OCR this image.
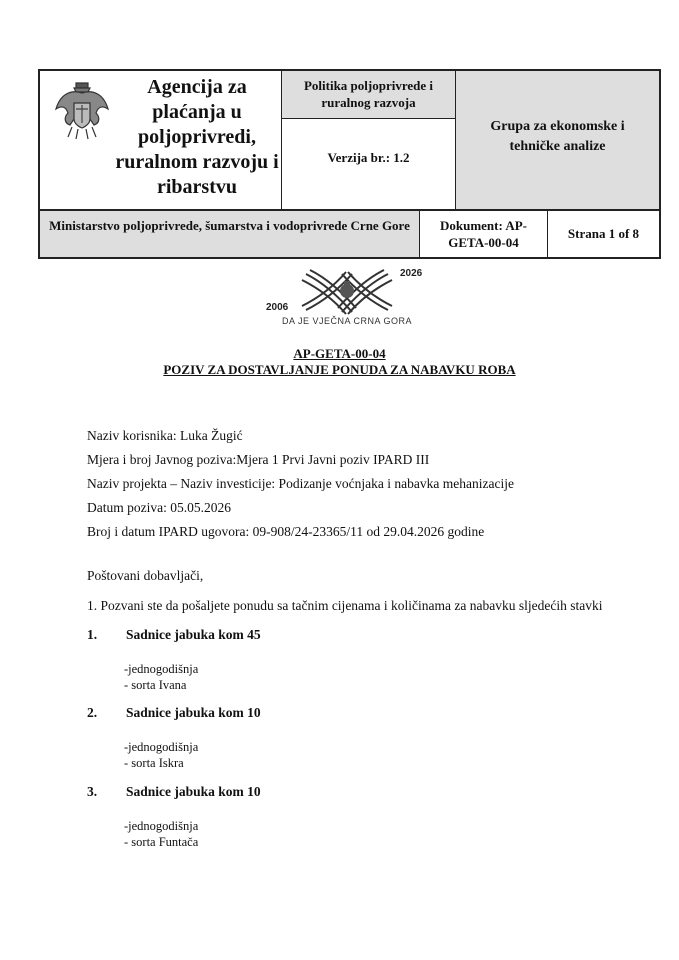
Agencija za
plaćanja u
poljoprivredi,
ruralnom razvoju i
ribarstvu
Politika poljoprivrede i ruralnog razvoja
Verzija br.: 1.2
Grupa za ekonomske i tehničke analize
Ministarstvo poljoprivrede, šumarstva i vodoprivrede Crne Gore	Dokument: AP-GETA-00-04
Strana 1 of 8
2006
2026
DA JE VJEČNA CRNA GORA
AP-GETA-00-04
POZIV ZA DOSTAVLJANJE PONUDA ZA NABAVKU ROBA
Naziv korisnika: Luka Žugić
Mjera i broj Javnog poziva:Mjera 1 Prvi Javni poziv IPARD III
Naziv projekta – Naziv investicije: Podizanje voćnjaka i nabavka mehanizacije
Datum poziva: 05.05.2026
Broj i datum IPARD ugovora: 09-908/24-23365/11 od 29.04.2026 godine
Poštovani dobavljači,
1. Pozvani ste da pošaljete ponudu sa tačnim cijenama i količinama za nabavku sljedećih stavki
1. Sadnice jabuka kom 45
-jednogodišnja
- sorta Ivana
2. Sadnice jabuka kom 10
-jednogodišnja
- sorta Iskra
3. Sadnice jabuka kom 10
-jednogodišnja
- sorta Funtača
